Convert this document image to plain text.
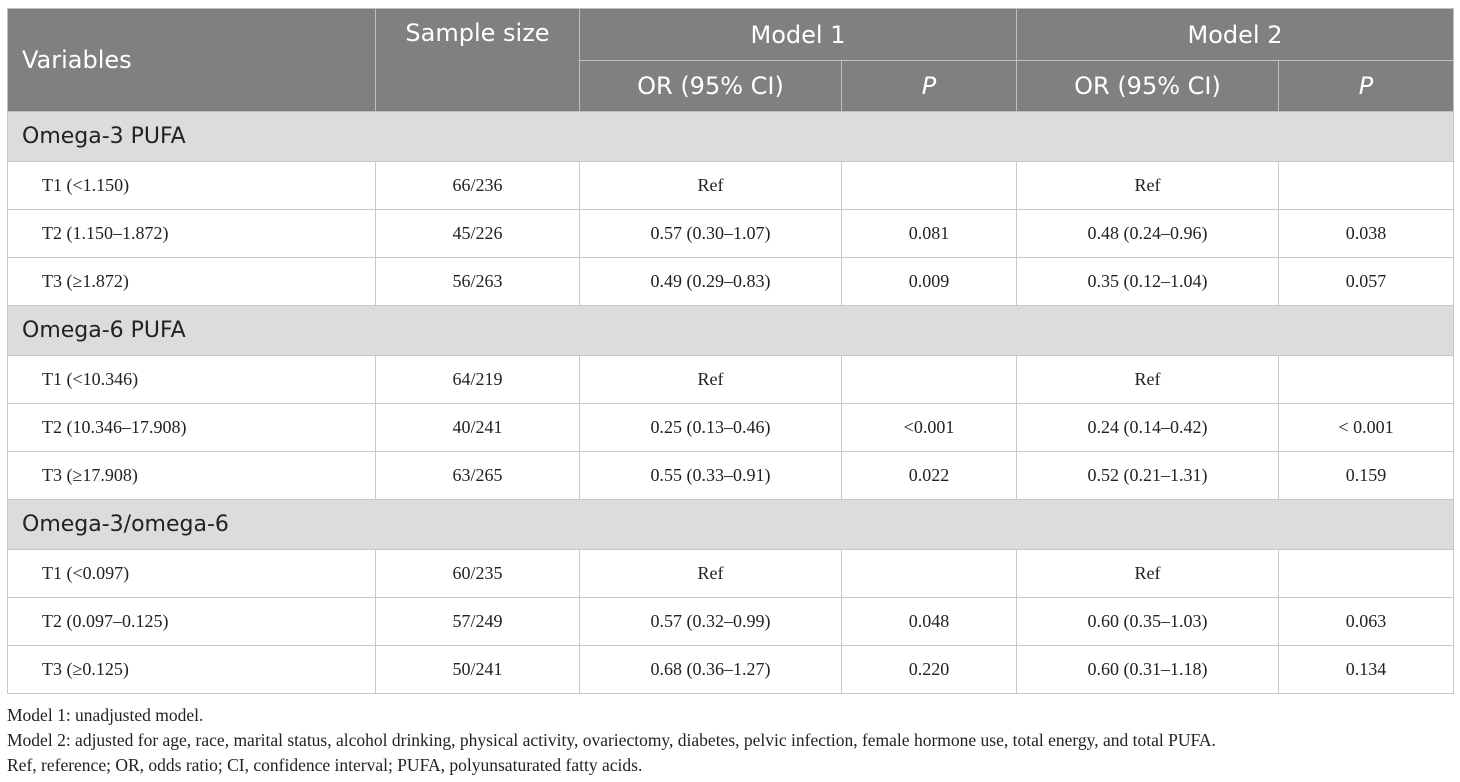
Variables	Sample size	Model 1		Model 2	
		OR (95% CI)	P	OR (95% CI)	P
Omega-3 PUFA					
T1 (<1.150)	66/236	Ref		Ref	
T2 (1.150–1.872)	45/226	0.57 (0.30–1.07)	0.081	0.48 (0.24–0.96)	0.038
T3 (≥1.872)	56/263	0.49 (0.29–0.83)	0.009	0.35 (0.12–1.04)	0.057
Omega-6 PUFA					
T1 (<10.346)	64/219	Ref		Ref	
T2 (10.346–17.908)	40/241	0.25 (0.13–0.46)	<0.001	0.24 (0.14–0.42)	< 0.001
T3 (≥17.908)	63/265	0.55 (0.33–0.91)	0.022	0.52 (0.21–1.31)	0.159
Omega-3/omega-6					
T1 (<0.097)	60/235	Ref		Ref	
T2 (0.097–0.125)	57/249	0.57 (0.32–0.99)	0.048	0.60 (0.35–1.03)	0.063
T3 (≥0.125)	50/241	0.68 (0.36–1.27)	0.220	0.60 (0.31–1.18)	0.134
Model 1: unadjusted model.
Model 2: adjusted for age, race, marital status, alcohol drinking, physical activity, ovariectomy, diabetes, pelvic infection, female hormone use, total energy, and total PUFA.
Ref, reference; OR, odds ratio; CI, confidence interval; PUFA, polyunsaturated fatty acids.
